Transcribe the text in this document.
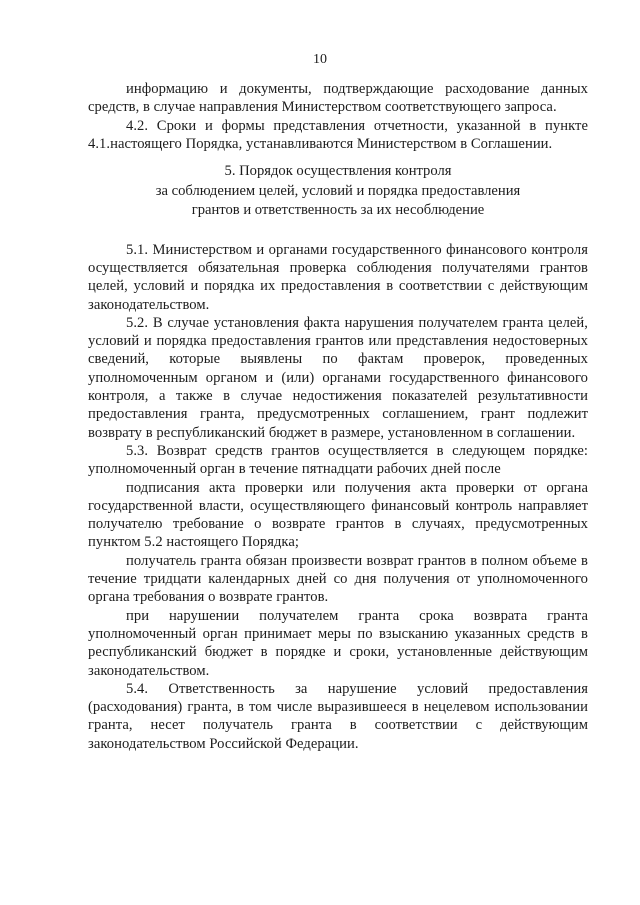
10

информацию и документы, подтверждающие расходование данных средств, в случае направления Министерством соответствующего запроса.

4.2. Сроки и формы представления отчетности, указанной в пункте 4.1.настоящего Порядка, устанавливаются Министерством в Соглашении.

5. Порядок осуществления контроля
за соблюдением целей, условий и порядка предоставления
грантов и ответственность за их несоблюдение

5.1. Министерством и органами государственного финансового контроля осуществляется обязательная проверка соблюдения получателями грантов целей, условий и порядка их предоставления в соответствии с действующим законодательством.

5.2. В случае установления факта нарушения получателем гранта целей, условий и порядка предоставления грантов или представления недостоверных сведений, которые выявлены по фактам проверок, проведенных уполномоченным органом и (или) органами государственного финансового контроля, а также в случае недостижения показателей результативности предоставления гранта, предусмотренных соглашением, грант подлежит возврату в республиканский бюджет в размере, установленном в соглашении.

5.3. Возврат средств грантов осуществляется в следующем порядке: уполномоченный орган в течение пятнадцати рабочих дней после

подписания акта проверки или получения акта проверки от органа государственной власти, осуществляющего финансовый контроль направляет получателю требование о возврате грантов в случаях, предусмотренных пунктом 5.2 настоящего Порядка;

получатель гранта обязан произвести возврат грантов в полном объеме в течение тридцати календарных дней со дня получения от уполномоченного органа требования о возврате грантов.

при нарушении получателем гранта срока возврата гранта уполномоченный орган принимает меры по взысканию указанных средств в республиканский бюджет в порядке и сроки, установленные действующим законодательством.

5.4. Ответственность за нарушение условий предоставления (расходования) гранта, в том числе выразившееся в нецелевом использовании гранта, несет получатель гранта в соответствии с действующим законодательством Российской Федерации.
